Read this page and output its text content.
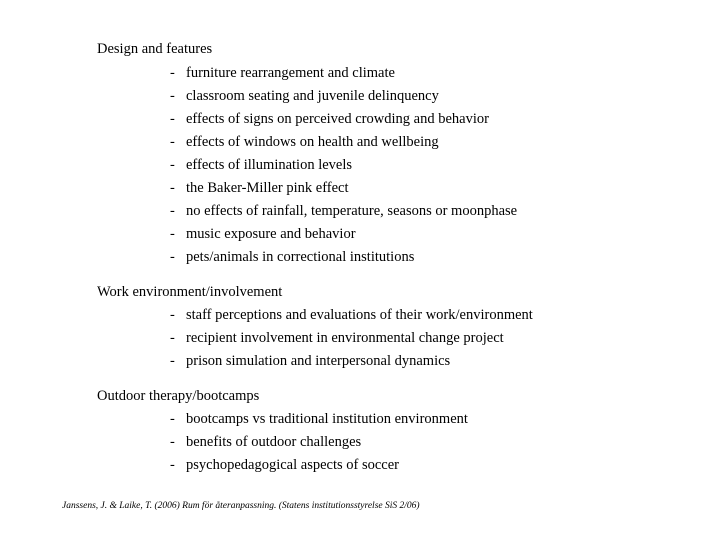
Design and features
- furniture rearrangement and climate
- classroom seating and juvenile delinquency
- effects of signs on perceived crowding and behavior
- effects of windows on health and wellbeing
- effects of illumination levels
- the Baker-Miller pink effect
- no effects of rainfall, temperature, seasons or moonphase
- music exposure and behavior
- pets/animals in correctional institutions
Work environment/involvement
- staff perceptions and evaluations of their work/environment
- recipient involvement in environmental change project
- prison simulation and interpersonal dynamics
Outdoor therapy/bootcamps
- bootcamps vs traditional institution environment
- benefits of outdoor challenges
- psychopedagogical aspects of soccer
Janssens, J. & Laike, T. (2006) Rum för återanpassning. (Statens institutionsstyrelse SiS 2/06)
